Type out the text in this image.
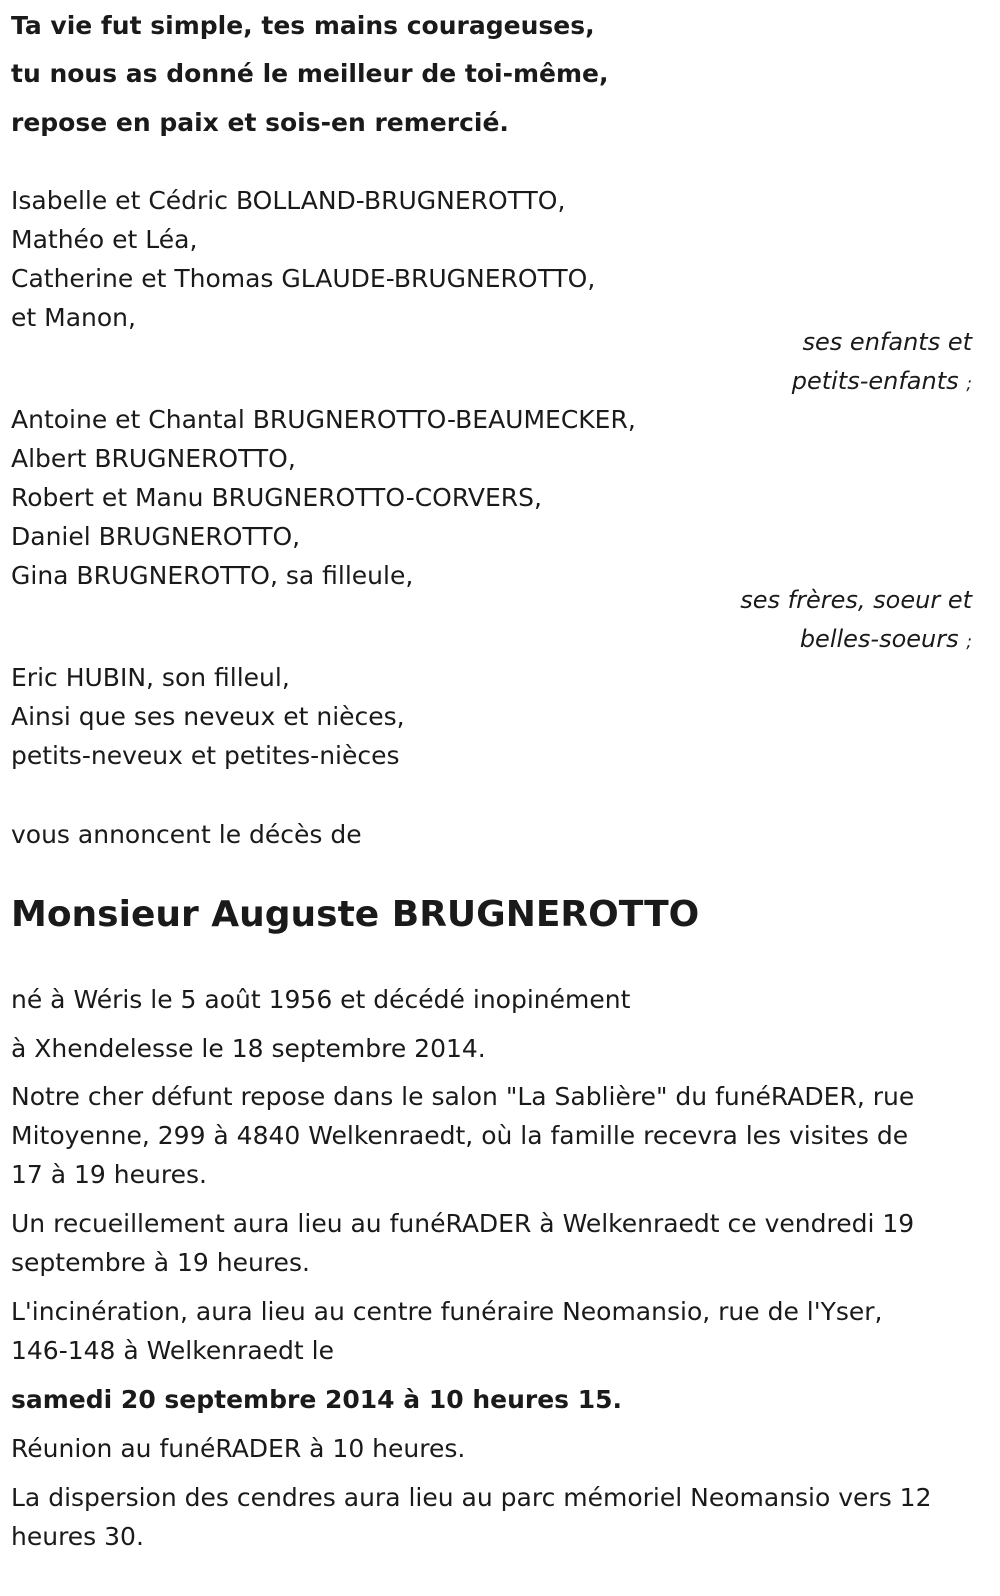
Ta vie fut simple, tes mains courageuses,
tu nous as donné le meilleur de toi-même,
repose en paix et sois-en remercié.
Isabelle et Cédric BOLLAND-BRUGNEROTTO,
Mathéo et Léa,
Catherine et Thomas GLAUDE-BRUGNEROTTO,
et Manon,
ses enfants et
petits-enfants ;
Antoine et Chantal BRUGNEROTTO-BEAUMECKER,
Albert BRUGNEROTTO,
Robert et Manu BRUGNEROTTO-CORVERS,
Daniel BRUGNEROTTO,
Gina BRUGNEROTTO, sa filleule,
ses frères, soeur et
belles-soeurs ;
Eric HUBIN, son filleul,
Ainsi que ses neveux et nièces,
petits-neveux et petites-nièces
vous annoncent le décès de
Monsieur Auguste BRUGNEROTTO
né à Wéris le 5 août 1956 et décédé inopinément
à Xhendelesse le 18 septembre 2014.
Notre cher défunt repose dans le salon "La Sablière" du funéRADER, rue
Mitoyenne, 299 à 4840 Welkenraedt, où la famille recevra les visites de
17 à 19 heures.
Un recueillement aura lieu au funéRADER à Welkenraedt ce vendredi 19
septembre à 19 heures.
L'incinération, aura lieu au centre funéraire Neomansio, rue de l'Yser,
146-148 à Welkenraedt le
samedi 20 septembre 2014 à 10 heures 15.
Réunion au funéRADER à 10 heures.
La dispersion des cendres aura lieu au parc mémoriel Neomansio vers 12
heures 30.
